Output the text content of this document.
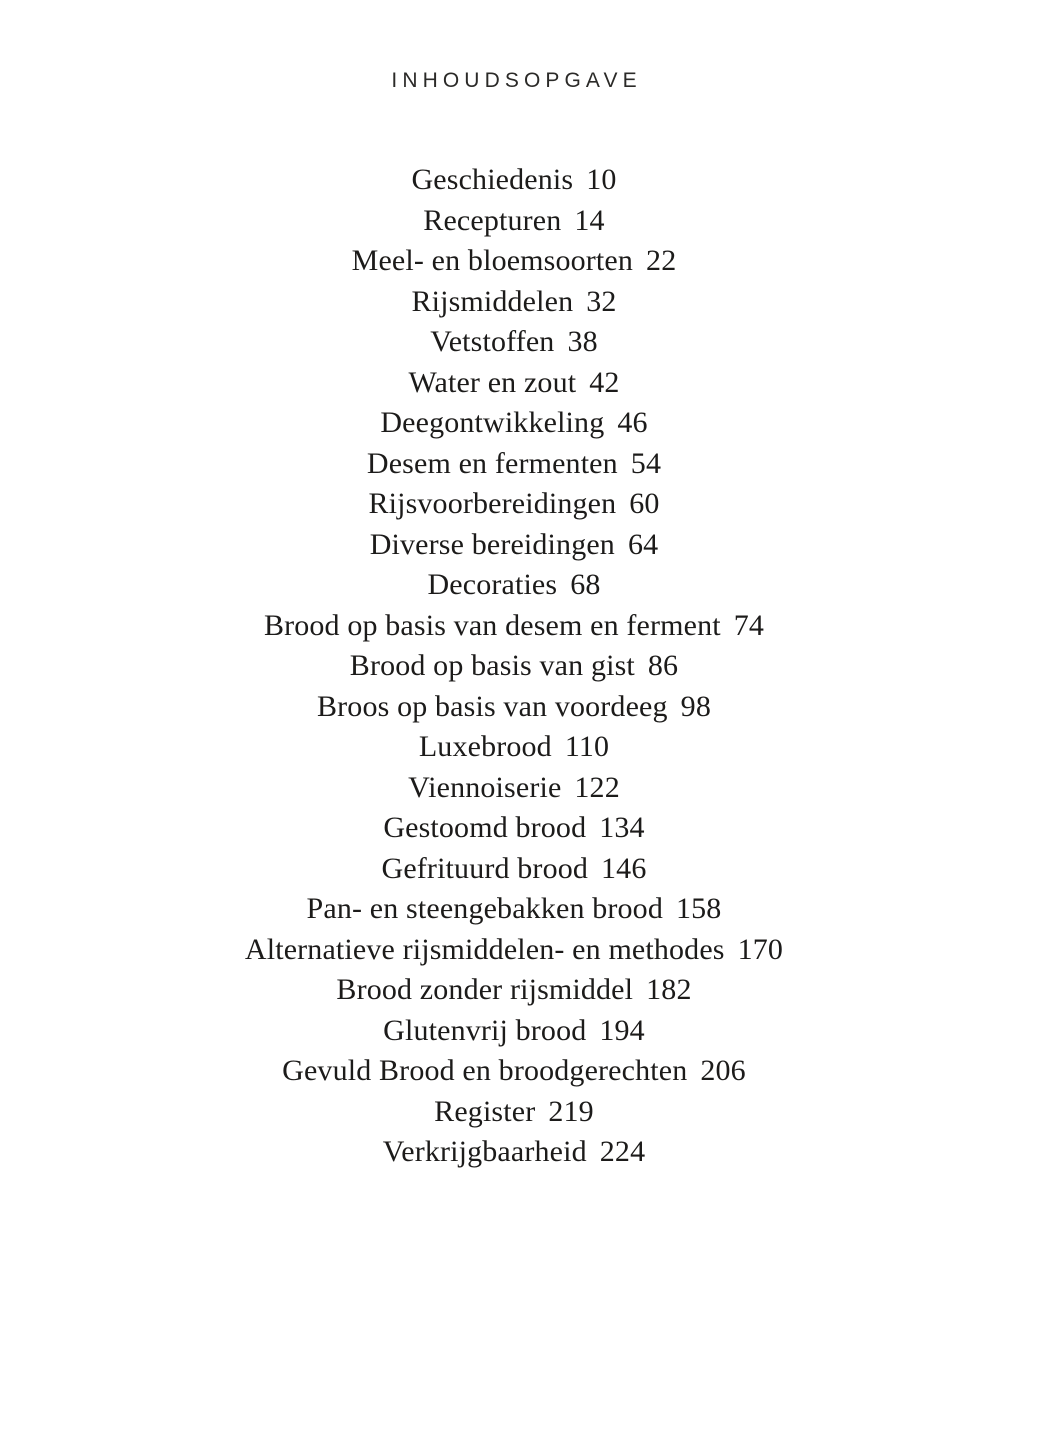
INHOUDSOPGAVE
Geschiedenis 10
Recepturen 14
Meel- en bloemsoorten 22
Rijsmiddelen 32
Vetstoffen 38
Water en zout 42
Deegontwikkeling 46
Desem en fermenten 54
Rijsvoorbereidingen 60
Diverse bereidingen 64
Decoraties 68
Brood op basis van desem en ferment 74
Brood op basis van gist 86
Broos op basis van voordeeg 98
Luxebrood 110
Viennoiserie 122
Gestoomd brood 134
Gefrituurd brood 146
Pan- en steengebakken brood 158
Alternatieve rijsmiddelen- en methodes 170
Brood zonder rijsmiddel 182
Glutenvrij brood 194
Gevuld Brood en broodgerechten 206
Register 219
Verkrijgbaarheid 224
